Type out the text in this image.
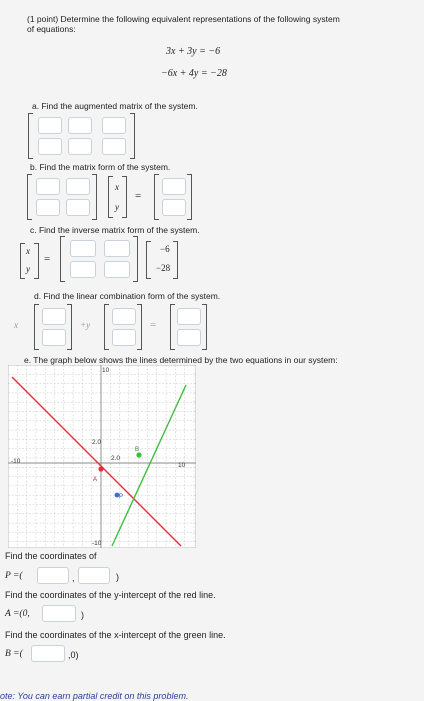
(1 point) Determine the following equivalent representations of the following system
of equations:
3x + 3y = −6
−6x + 4y = −28
a. Find the augmented matrix of the system.
b. Find the matrix form of the system.
x
y
=
c. Find the inverse matrix form of the system.
x
y
=
−6
−28
d. Find the linear combination form of the system.
x	+y	=
e. The graph below shows the lines determined by the two equations in our system:
10
-10
-10
10
2.0
2.0
A
B
P
Find the coordinates of
P =(	,	)
Find the coordinates of the y-intercept of the red line.
A =(0,	)
Find the coordinates of the x-intercept of the green line.
B =(	,0)
ote: You can earn partial credit on this problem.
